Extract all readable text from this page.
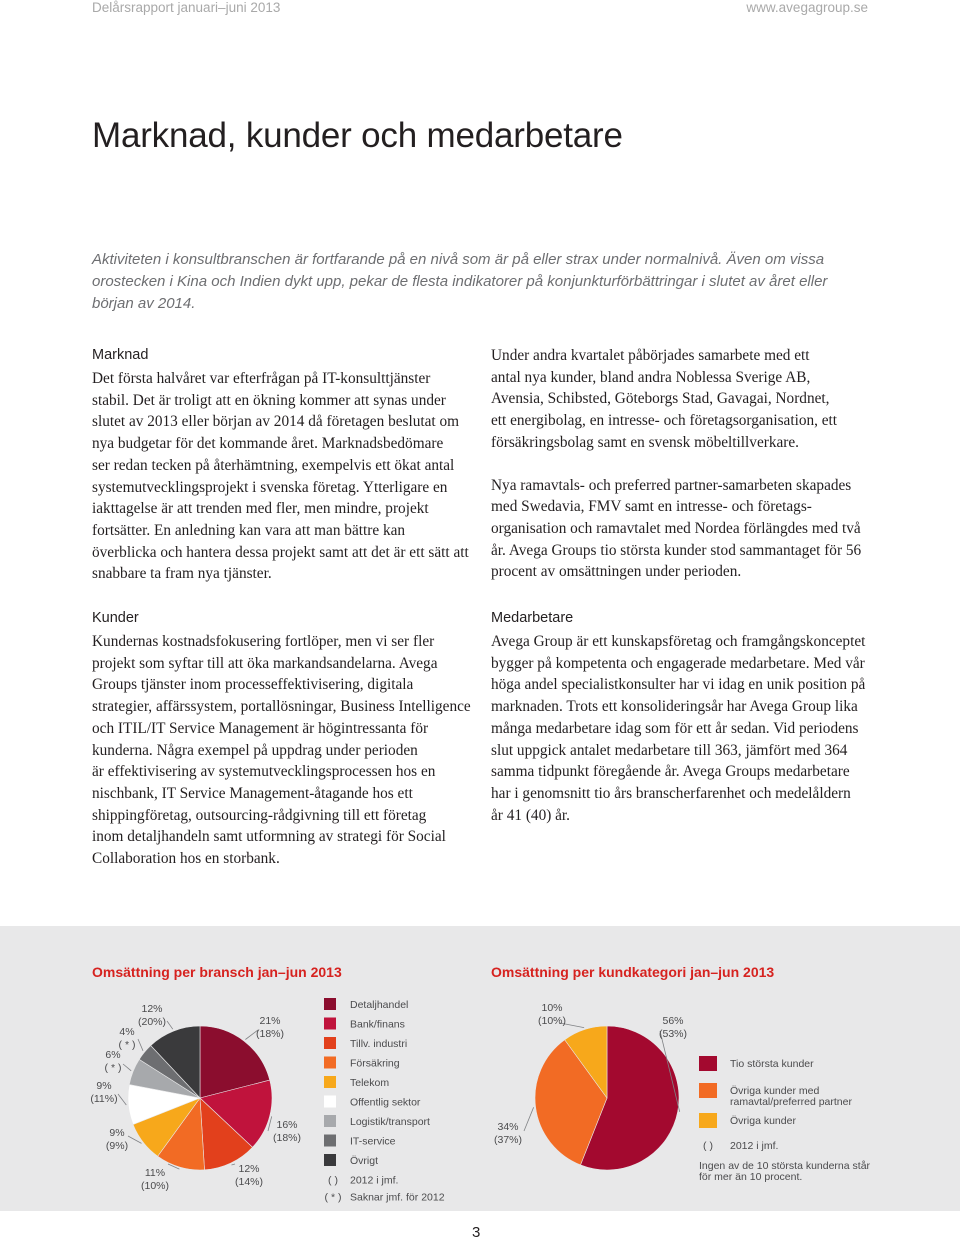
Delårsrapport januari–juni 2013	www.avegagroup.se
Marknad, kunder och medarbetare

Aktiviteten i konsultbranschen är fortfarande på en nivå som är på eller strax under normalnivå. Även om vissa orostecken i Kina och Indien dykt upp, pekar de flesta indikatorer på konjunkturförbättringar i slutet av året eller början av 2014.

Marknad
Det första halvåret var efterfrågan på IT-konsulttjänster
stabil. Det är troligt att en ökning kommer att synas under
slutet av 2013 eller början av 2014 då företagen beslutat om
nya budgetar för det kommande året. Marknadsbedömare
ser redan tecken på återhämtning, exempelvis ett ökat antal
systemutvecklingsprojekt i svenska företag. Ytterligare en
iakttagelse är att trenden med fler, men mindre, projekt
fortsätter. En anledning kan vara att man bättre kan
överblicka och hantera dessa projekt samt att det är ett sätt att
snabbare ta fram nya tjänster.
Kunder
Kundernas kostnadsfokusering fortlöper, men vi ser fler
projekt som syftar till att öka markandsandelarna. Avega
Groups tjänster inom processeffektivisering, digitala
strategier, affärssystem, portallösningar, Business Intelligence
och ITIL/IT Service Management är högintressanta för
kunderna. Några exempel på uppdrag under perioden
är effektivisering av systemutvecklingsprocessen hos en
nischbank, IT Service Management-åtagande hos ett
shippingföretag, outsourcing-rådgivning till ett företag
inom detaljhandeln samt utformning av strategi för Social
Collaboration hos en storbank.
Under andra kvartalet påbörjades samarbete med ett
antal nya kunder, bland andra Noblessa Sverige AB,
Avensia, Schibsted, Göteborgs Stad, Gavagai, Nordnet,
ett energibolag, en intresse- och företagsorganisation, ett
försäkringsbolag samt en svensk möbeltillverkare.
Nya ramavtals- och preferred partner-samarbeten skapades
med Swedavia, FMV samt en intresse- och företags-
organisation och ramavtalet med Nordea förlängdes med två
år. Avega Groups tio största kunder stod sammantaget för 56
procent av omsättningen under perioden.
Medarbetare
Avega Group är ett kunskapsföretag och framgångskonceptet
bygger på kompetenta och engagerade medarbetare. Med vår
höga andel specialistkonsulter har vi idag en unik position på
marknaden. Trots ett konsolideringsår har Avega Group lika
många medarbetare idag som för ett år sedan. Vid periodens
slut uppgick antalet medarbetare till 363, jämfört med 364
samma tidpunkt föregående år. Avega Groups medarbetare
har i genomsnitt tio års branscherfarenhet och medelåldern
år 41 (40) år.
Omsättning per bransch jan–jun 2013	Omsättning per kundkategori jan–jun 2013
21%
(18%)
16%
(18%)
12%
(14%)
11%
(10%)
9%
(9%)
9%
(11%)
6%
( * )
4%
( * )
12%
(20%)
Detaljhandel
Bank/finans
Tillv. industri
Försäkring
Telekom
Offentlig sektor
Logistik/transport
IT-service
Övrigt
( ) 2012 i jmf.
( * ) Saknar jmf. för 2012
56%
(53%)
34%
(37%)
10%
(10%)
Tio största kunder
Övriga kunder med ramavtal/preferred partner
Övriga kunder
( ) 2012 i jmf.
Ingen av de 10 största kunderna står för mer än 10 procent.
3
